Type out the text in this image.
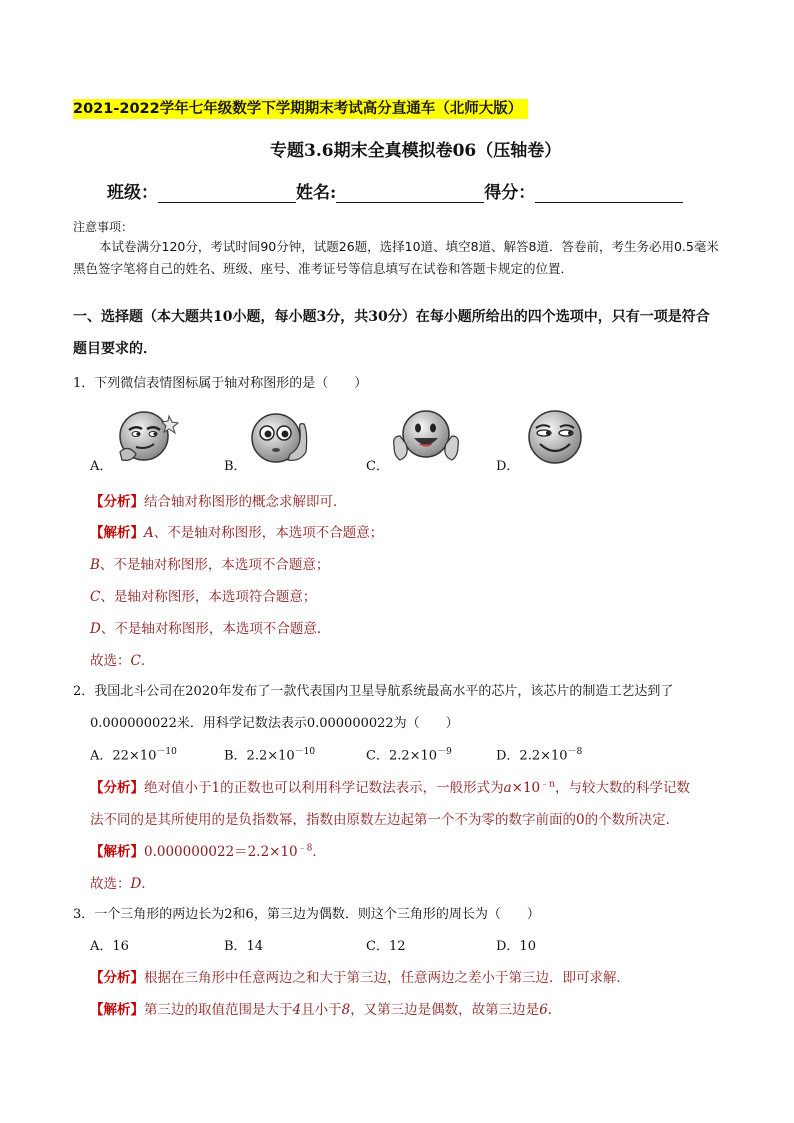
2021-2022学年七年级数学下学期期末考试高分直通车（北师大版）
专题3.6期末全真模拟卷06（压轴卷）
班级：	姓名:	得分：
注意事项：
本试卷满分120分，考试时间90分钟，试题26题，选择10道、填空8道、解答8道．答卷前，考生务必用0.5毫米黑色签字笔将自己的姓名、班级、座号、准考证号等信息填写在试卷和答题卡规定的位置．
一、选择题（本大题共10小题，每小题3分，共30分）在每小题所给出的四个选项中，只有一项是符合
题目要求的．
1．下列微信表情图标属于轴对称图形的是（　　）
A．	B．	C．	D．
【分析】结合轴对称图形的概念求解即可．
【解析】A、不是轴对称图形，本选项不合题意；
B、不是轴对称图形，本选项不合题意；
C、是轴对称图形，本选项符合题意；
D、不是轴对称图形，本选项不合题意．
故选：C．
2．我国北斗公司在2020年发布了一款代表国内卫星导航系统最高水平的芯片，该芯片的制造工艺达到了
0.000000022米．用科学记数法表示0.000000022为（　　）
A．$22\times 10^{-10}$	B．$2.2\times 10^{-10}$	C．$2.2\times 10^{-9}$	D．$2.2\times 10^{-8}$
【分析】绝对值小于1的正数也可以利用科学记数法表示，一般形式为$a\times 10^{﹣n}$，与较大数的科学记数
法不同的是其所使用的是负指数幂，指数由原数左边起第一个不为零的数字前面的0的个数所决定．
【解析】$0.000000022=2.2\times 10^{﹣8}$．
故选：D．
3．一个三角形的两边长为2和6，第三边为偶数．则这个三角形的周长为（　　）
A．16	B．14	C．12	D．10
【分析】根据在三角形中任意两边之和大于第三边，任意两边之差小于第三边．即可求解．
【解析】第三边的取值范围是大于4且小于8，又第三边是偶数，故第三边是6．
